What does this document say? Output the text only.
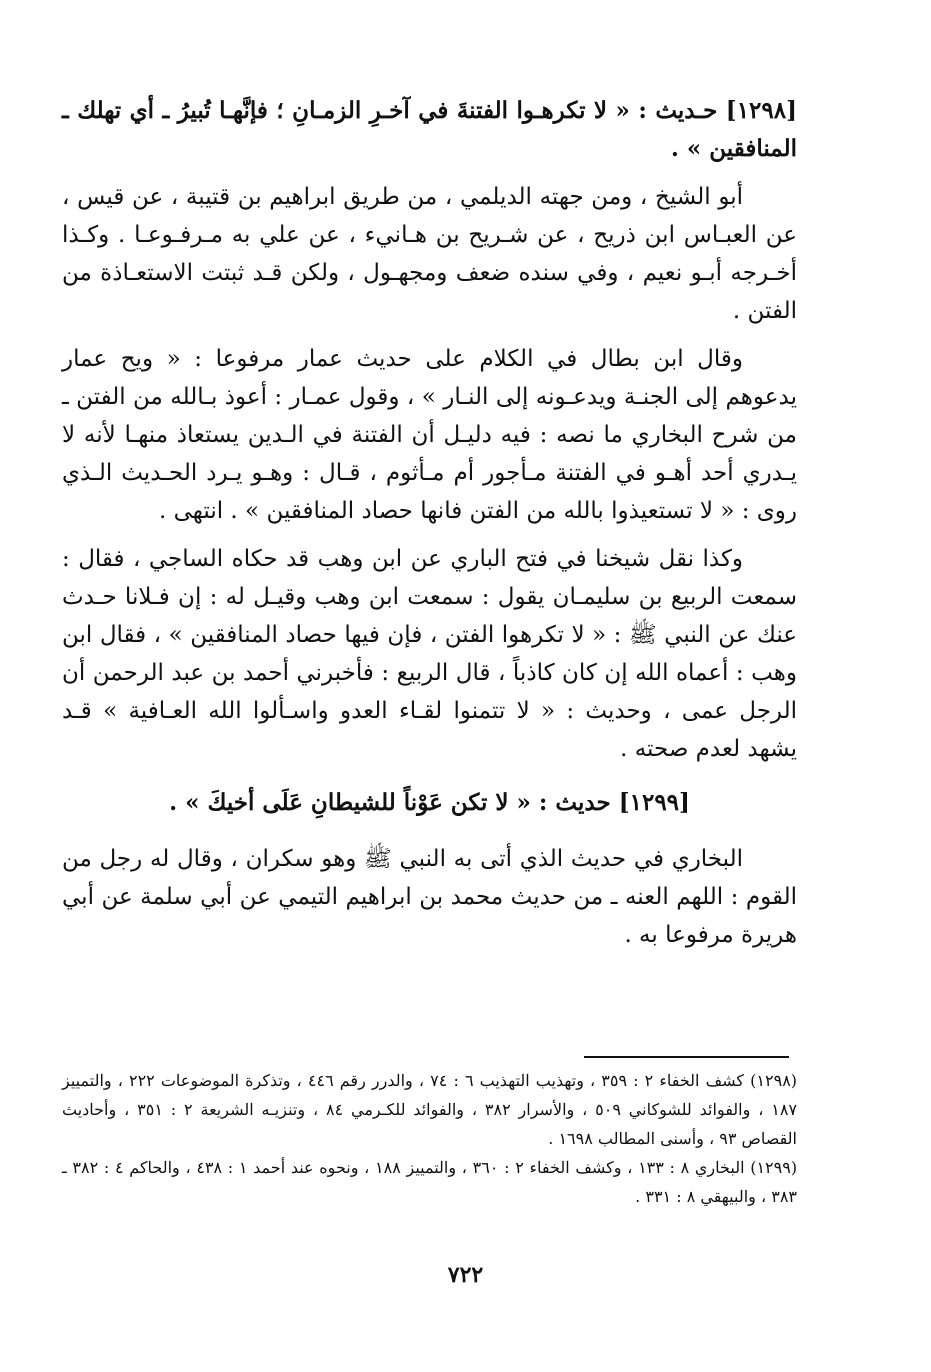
[١٢٩٨] حـديث : « لا تكرهـوا الفتنةَ في آخـرِ الزمـانِ ؛ فإنَّهـا تُبيرُ ـ أي تهلك ـ المنافقين » .

أبو الشيخ ، ومن جهته الديلمي ، من طريق ابراهيم بن قتيبة ، عن قيس ، عن العبـاس ابن ذريح ، عن شـريح بن هـانيء ، عن علي به مـرفـوعـا . وكـذا أخـرجه أبـو نعيم ، وفي سنده ضعف ومجهـول ، ولكن قـد ثبتت الاستعـاذة من الفتن .

وقال ابن بطال في الكلام على حديث عمار مرفوعا : « ويح عمار يدعوهم إلى الجنـة ويدعـونه إلى النـار » ، وقول عمـار : أعوذ بـالله من الفتن ـ من شرح البخاري ما نصه : فيه دليـل أن الفتنة في الـدين يستعاذ منهـا لأنه لا يـدري أحد أهـو في الفتنة مـأجور أم مـأثوم ، قـال : وهـو يـرد الحـديث الـذي روى : « لا تستعيذوا بالله من الفتن فانها حصاد المنافقين » . انتهى .

وكذا نقل شيخنا في فتح الباري عن ابن وهب قد حكاه الساجي ، فقال : سمعت الربيع بن سليمـان يقول : سمعت ابن وهب وقيـل له : إن فـلانا حـدث عنك عن النبي ﷺ : « لا تكرهوا الفتن ، فإن فيها حصاد المنافقين » ، فقال ابن وهب : أعماه الله إن كان كاذباً ، قال الربيع : فأخبرني أحمد بن عبد الرحمن أن الرجل عمى ، وحديث : « لا تتمنوا لقـاء العدو واسـألوا الله العـافية » قـد يشهد لعدم صحته .

[١٢٩٩] حديث : « لا تكن عَوْناً للشيطانِ عَلَى أخيكَ » .

البخاري في حديث الذي أتى به النبي ﷺ وهو سكران ، وقال له رجل من القوم : اللهم العنه ـ من حديث محمد بن ابراهيم التيمي عن أبي سلمة عن أبي هريرة مرفوعا به .

(١٢٩٨) كشف الخفاء ٢ : ٣٥٩ ، وتهذيب التهذيب ٦ : ٧٤ ، والدرر رقم ٤٤٦ ، وتذكرة الموضوعات ٢٢٢ ، والتمييز ١٨٧ ، والفوائد للشوكاني ٥٠٩ ، والأسرار ٣٨٢ ، والفوائد للكـرمي ٨٤ ، وتنزيـه الشريعة ٢ : ٣٥١ ، وأحاديث القصاص ٩٣ ، وأسنى المطالب ١٦٩٨ .

(١٢٩٩) البخاري ٨ : ١٣٣ ، وكشف الخفاء ٢ : ٣٦٠ ، والتمييز ١٨٨ ، ونحوه عند أحمد ١ : ٤٣٨ ، والحاكم ٤ : ٣٨٢ ـ ٣٨٣ ، والبيهقي ٨ : ٣٣١ .

٧٢٢
